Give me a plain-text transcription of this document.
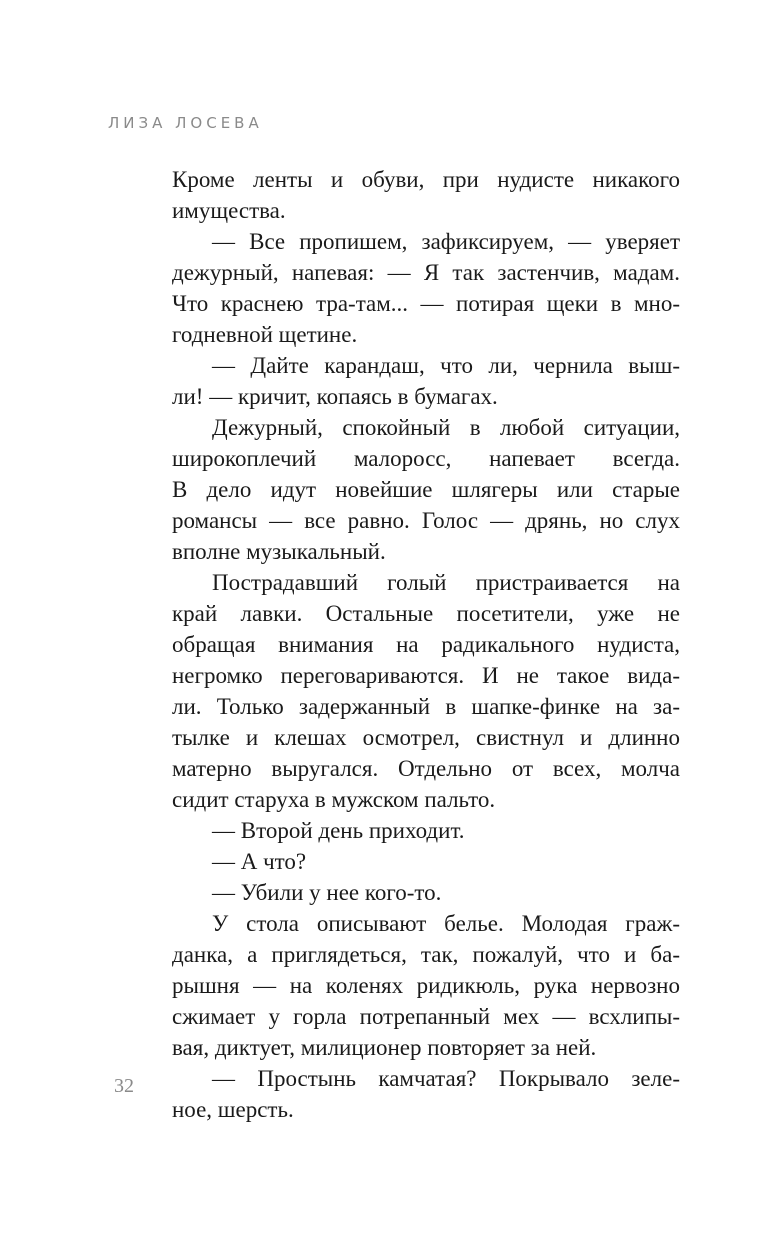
ЛИЗА ЛОСЕВА
Кроме ленты и обуви, при нудисте никакого
имущества.
— Все пропишем, зафиксируем, — уверяет
дежурный, напевая: — Я так застенчив, мадам.
Что краснею тра-там... — потирая щеки в мно-
годневной щетине.
— Дайте карандаш, что ли, чернила выш-
ли! — кричит, копаясь в бумагах.
Дежурный, спокойный в любой ситуации,
широкоплечий малоросс, напевает всегда.
В дело идут новейшие шлягеры или старые
романсы — все равно. Голос — дрянь, но слух
вполне музыкальный.
Пострадавший голый пристраивается на
край лавки. Остальные посетители, уже не
обращая внимания на радикального нудиста,
негромко переговариваются. И не такое вида-
ли. Только задержанный в шапке-финке на за-
тылке и клешах осмотрел, свистнул и длинно
матерно выругался. Отдельно от всех, молча
сидит старуха в мужском пальто.
— Второй день приходит.
— А что?
— Убили у нее кого-то.
У стола описывают белье. Молодая граж-
данка, а приглядеться, так, пожалуй, что и ба-
рышня — на коленях ридикюль, рука нервозно
сжимает у горла потрепанный мех — всхлипы-
вая, диктует, милиционер повторяет за ней.
— Простынь камчатая? Покрывало зеле-
ное, шерсть.
32
